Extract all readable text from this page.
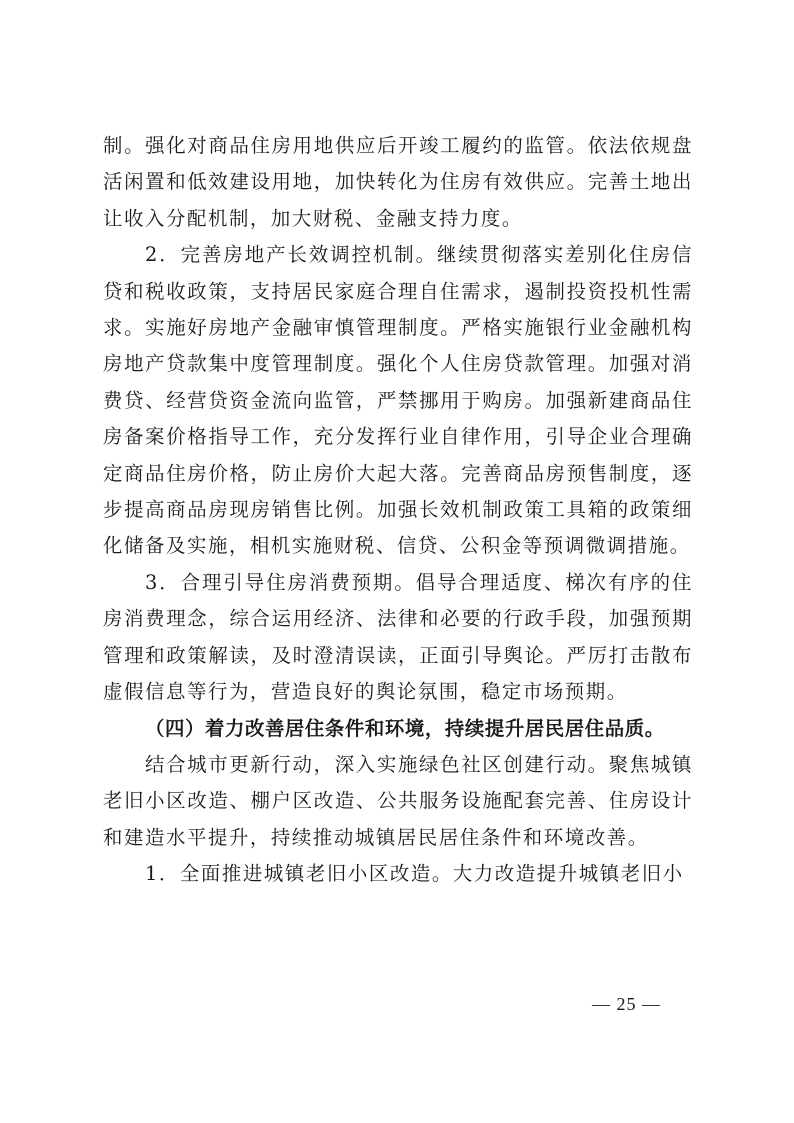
制。强化对商品住房用地供应后开竣工履约的监管。依法依规盘活闲置和低效建设用地，加快转化为住房有效供应。完善土地出让收入分配机制，加大财税、金融支持力度。

2．完善房地产长效调控机制。继续贯彻落实差别化住房信贷和税收政策，支持居民家庭合理自住需求，遏制投资投机性需求。实施好房地产金融审慎管理制度。严格实施银行业金融机构房地产贷款集中度管理制度。强化个人住房贷款管理。加强对消费贷、经营贷资金流向监管，严禁挪用于购房。加强新建商品住房备案价格指导工作，充分发挥行业自律作用，引导企业合理确定商品住房价格，防止房价大起大落。完善商品房预售制度，逐步提高商品房现房销售比例。加强长效机制政策工具箱的政策细化储备及实施，相机实施财税、信贷、公积金等预调微调措施。

3．合理引导住房消费预期。倡导合理适度、梯次有序的住房消费理念，综合运用经济、法律和必要的行政手段，加强预期管理和政策解读，及时澄清误读，正面引导舆论。严厉打击散布虚假信息等行为，营造良好的舆论氛围，稳定市场预期。

（四）着力改善居住条件和环境，持续提升居民居住品质。

结合城市更新行动，深入实施绿色社区创建行动。聚焦城镇老旧小区改造、棚户区改造、公共服务设施配套完善、住房设计和建造水平提升，持续推动城镇居民居住条件和环境改善。

1．全面推进城镇老旧小区改造。大力改造提升城镇老旧小

— 25 —
